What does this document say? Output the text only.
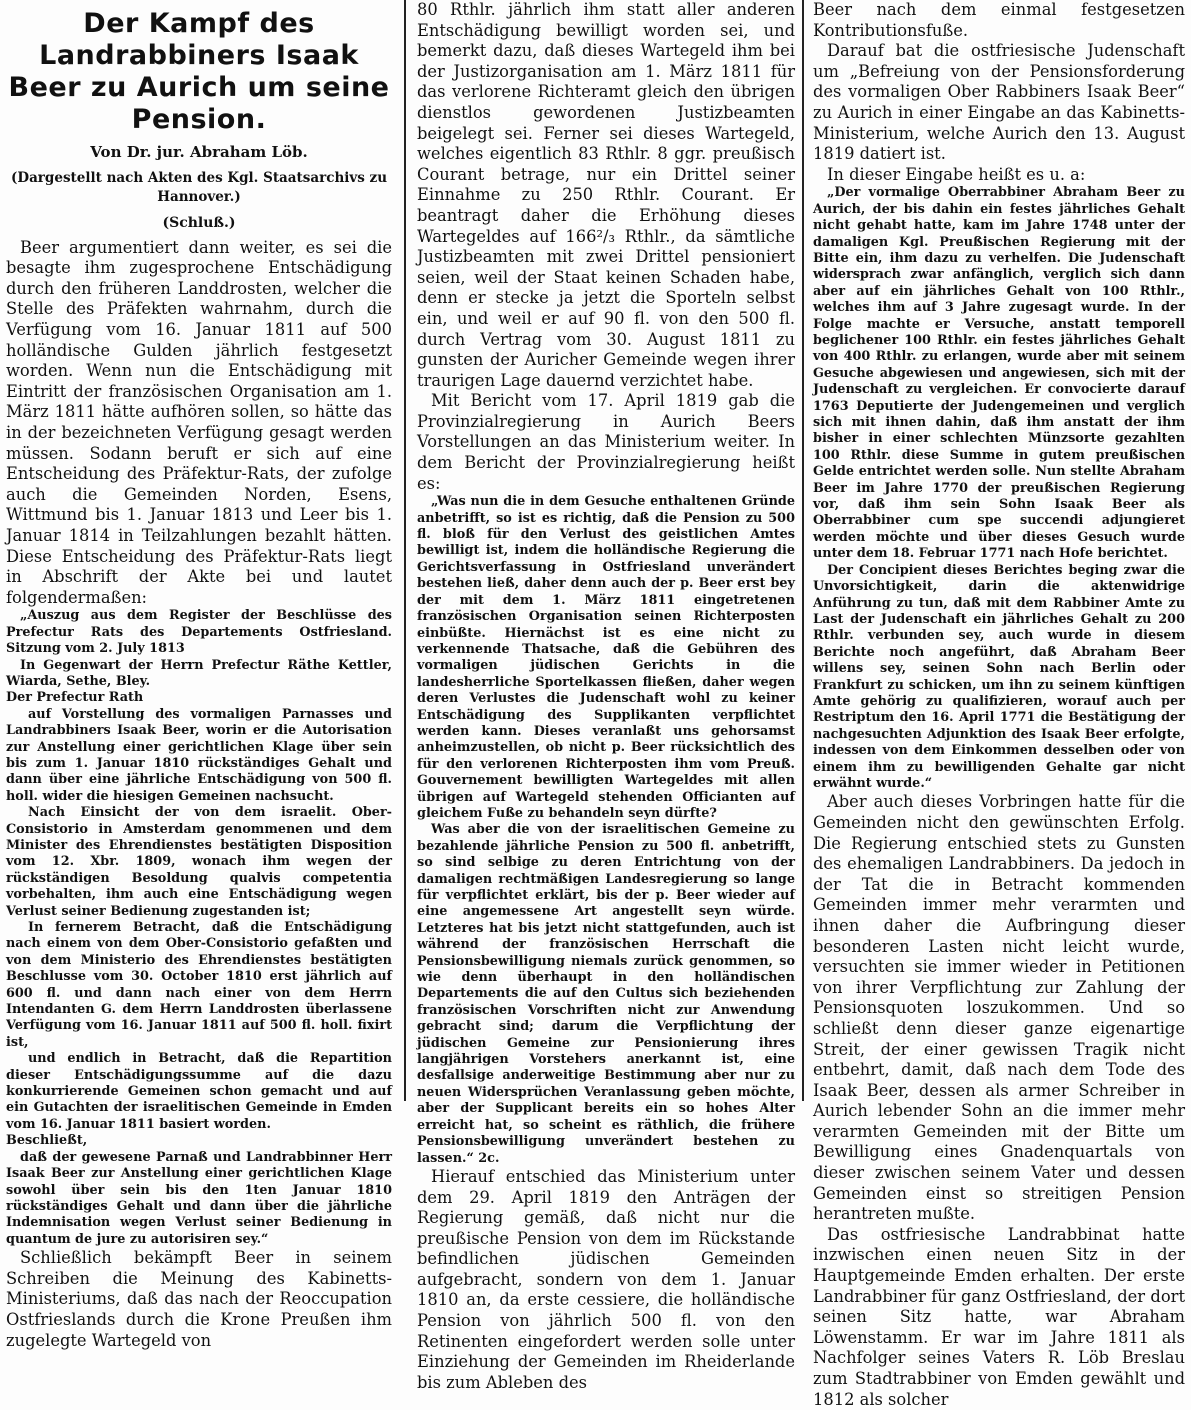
Der Kampf des Landrabbiners Isaak Beer zu Aurich um seine Pension.
Von Dr. jur. Abraham Löb.
(Dargestellt nach Akten des Kgl. Staatsarchivs zu Hannover.)
(Schluß.)

Beer argumentiert dann weiter, es sei die besagte ihm zugesprochene Entschädigung durch den früheren Landdrosten, welcher die Stelle des Präfekten wahrnahm, durch die Verfügung vom 16. Januar 1811 auf 500 holländische Gulden jährlich festgesetzt worden. Wenn nun die Entschädigung mit Eintritt der französischen Organisation am 1. März 1811 hätte aufhören sollen, so hätte das in der bezeichneten Verfügung gesagt werden müssen. Sodann beruft er sich auf eine Entscheidung des Präfektur-Rats, der zufolge auch die Gemeinden Norden, Esens, Wittmund bis 1. Januar 1813 und Leer bis 1. Januar 1814 in Teilzahlungen bezahlt hätten. Diese Entscheidung des Präfektur-Rats liegt in Abschrift der Akte bei und lautet folgendermaßen:

„Auszug aus dem Register der Beschlüsse des Prefectur Rats des Departements Ostfriesland. Sitzung vom 2. July 1813

In Gegenwart der Herrn Prefectur Räthe Kettler, Wiarda, Sethe, Bley.

Der Prefectur Rath

auf Vorstellung des vormaligen Parnasses und Landrabbiners Isaak Beer, worin er die Autorisation zur Anstellung einer gerichtlichen Klage über sein bis zum 1. Januar 1810 rückständiges Gehalt und dann über eine jährliche Entschädigung von 500 fl. holl. wider die hiesigen Gemeinen nachsucht.

Nach Einsicht der von dem israelit. Ober-Consistorio in Amsterdam genommenen und dem Minister des Ehrendienstes bestätigten Disposition vom 12. Xbr. 1809, wonach ihm wegen der rückständigen Besoldung qualvis competentia vorbehalten, ihm auch eine Entschädigung wegen Verlust seiner Bedienung zugestanden ist;

In fernerem Betracht, daß die Entschädigung nach einem von dem Ober-Consistorio gefaßten und von dem Ministerio des Ehrendienstes bestätigten Beschlusse vom 30. October 1810 erst jährlich auf 600 fl. und dann nach einer von dem Herrn Intendanten G. dem Herrn Landdrosten überlassene Verfügung vom 16. Januar 1811 auf 500 fl. holl. fixirt ist,

und endlich in Betracht, daß die Repartition dieser Entschädigungssumme auf die dazu konkurrierende Gemeinen schon gemacht und auf ein Gutachten der israelitischen Gemeinde in Emden vom 16. Januar 1811 basiert worden.

Beschließt,

daß der gewesene Parnaß und Landrabbinner Herr Isaak Beer zur Anstellung einer gerichtlichen Klage sowohl über sein bis den 1ten Januar 1810 rückständiges Gehalt und dann über die jährliche Indemnisation wegen Verlust seiner Bedienung in quantum de jure zu autorisiren sey.“

Schließlich bekämpft Beer in seinem Schreiben die Meinung des Kabinetts-Ministeriums, daß das nach der Reoccupation Ostfrieslands durch die Krone Preußen ihm zugelegte Wartegeld von

80 Rthlr. jährlich ihm statt aller anderen Entschädigung bewilligt worden sei, und bemerkt dazu, daß dieses Wartegeld ihm bei der Justizorganisation am 1. März 1811 für das verlorene Richteramt gleich den übrigen dienstlos gewordenen Justizbeamten beigelegt sei. Ferner sei dieses Wartegeld, welches eigentlich 83 Rthlr. 8 ggr. preußisch Courant betrage, nur ein Drittel seiner Einnahme zu 250 Rthlr. Courant. Er beantragt daher die Erhöhung dieses Wartegeldes auf 166²/₃ Rthlr., da sämtliche Justizbeamten mit zwei Drittel pensioniert seien, weil der Staat keinen Schaden habe, denn er stecke ja jetzt die Sporteln selbst ein, und weil er auf 90 fl. von den 500 fl. durch Vertrag vom 30. August 1811 zu gunsten der Auricher Gemeinde wegen ihrer traurigen Lage dauernd verzichtet habe.

Mit Bericht vom 17. April 1819 gab die Provinzialregierung in Aurich Beers Vorstellungen an das Ministerium weiter. In dem Bericht der Provinzialregierung heißt es:

„Was nun die in dem Gesuche enthaltenen Gründe anbetrifft, so ist es richtig, daß die Pension zu 500 fl. bloß für den Verlust des geistlichen Amtes bewilligt ist, indem die holländische Regierung die Gerichtsverfassung in Ostfriesland unverändert bestehen ließ, daher denn auch der p. Beer erst bey der mit dem 1. März 1811 eingetretenen französischen Organisation seinen Richterposten einbüßte. Hiernächst ist es eine nicht zu verkennende Thatsache, daß die Gebühren des vormaligen jüdischen Gerichts in die landesherrliche Sportelkassen fließen, daher wegen deren Verlustes die Judenschaft wohl zu keiner Entschädigung des Supplikanten verpflichtet werden kann. Dieses veranlaßt uns gehorsamst anheimzustellen, ob nicht p. Beer rücksichtlich des für den verlorenen Richterposten ihm vom Preuß. Gouvernement bewilligten Wartegeldes mit allen übrigen auf Wartegeld stehenden Officianten auf gleichem Fuße zu behandeln seyn dürfte?

Was aber die von der israelitischen Gemeine zu bezahlende jährliche Pension zu 500 fl. anbetrifft, so sind selbige zu deren Entrichtung von der damaligen rechtmäßigen Landesregierung so lange für verpflichtet erklärt, bis der p. Beer wieder auf eine angemessene Art angestellt seyn würde. Letzteres hat bis jetzt nicht stattgefunden, auch ist während der französischen Herrschaft die Pensionsbewilligung niemals zurück genommen, so wie denn überhaupt in den holländischen Departements die auf den Cultus sich beziehenden französischen Vorschriften nicht zur Anwendung gebracht sind; darum die Verpflichtung der jüdischen Gemeine zur Pensionierung ihres langjährigen Vorstehers anerkannt ist, eine desfallsige anderweitige Bestimmung aber nur zu neuen Widersprüchen Veranlassung geben möchte, aber der Supplicant bereits ein so hohes Alter erreicht hat, so scheint es räthlich, die frühere Pensionsbewilligung unverändert bestehen zu lassen.“ 2c.

Hierauf entschied das Ministerium unter dem 29. April 1819 den Anträgen der Regierung gemäß, daß nicht nur die preußische Pension von dem im Rückstande befindlichen jüdischen Gemeinden aufgebracht, sondern von dem 1. Januar 1810 an, da erste cessiere, die holländische Pension von jährlich 500 fl. von den Retinenten eingefordert werden solle unter Einziehung der Gemeinden im Rheiderlande bis zum Ableben des

Beer nach dem einmal festgesetzen Kontributionsfuße.

Darauf bat die ostfriesische Judenschaft um „Befreiung von der Pensionsforderung des vormaligen Ober Rabbiners Isaak Beer“ zu Aurich in einer Eingabe an das Kabinetts-Ministerium, welche Aurich den 13. August 1819 datiert ist.

In dieser Eingabe heißt es u. a:

„Der vormalige Oberrabbiner Abraham Beer zu Aurich, der bis dahin ein festes jährliches Gehalt nicht gehabt hatte, kam im Jahre 1748 unter der damaligen Kgl. Preußischen Regierung mit der Bitte ein, ihm dazu zu verhelfen. Die Judenschaft widersprach zwar anfänglich, verglich sich dann aber auf ein jährliches Gehalt von 100 Rthlr., welches ihm auf 3 Jahre zugesagt wurde. In der Folge machte er Versuche, anstatt temporell beglichener 100 Rthlr. ein festes jährliches Gehalt von 400 Rthlr. zu erlangen, wurde aber mit seinem Gesuche abgewiesen und angewiesen, sich mit der Judenschaft zu vergleichen. Er convocierte darauf 1763 Deputierte der Judengemeinen und verglich sich mit ihnen dahin, daß ihm anstatt der ihm bisher in einer schlechten Münzsorte gezahlten 100 Rthlr. diese Summe in gutem preußischen Gelde entrichtet werden solle. Nun stellte Abraham Beer im Jahre 1770 der preußischen Regierung vor, daß ihm sein Sohn Isaak Beer als Oberrabbiner cum spe succendi adjungieret werden möchte und über dieses Gesuch wurde unter dem 18. Februar 1771 nach Hofe berichtet.

Der Concipient dieses Berichtes beging zwar die Unvorsichtigkeit, darin die aktenwidrige Anführung zu tun, daß mit dem Rabbiner Amte zu Last der Judenschaft ein jährliches Gehalt zu 200 Rthlr. verbunden sey, auch wurde in diesem Berichte noch angeführt, daß Abraham Beer willens sey, seinen Sohn nach Berlin oder Frankfurt zu schicken, um ihn zu seinem künftigen Amte gehörig zu qualifizieren, worauf auch per Restriptum den 16. April 1771 die Bestätigung der nachgesuchten Adjunktion des Isaak Beer erfolgte, indessen von dem Einkommen desselben oder von einem ihm zu bewilligenden Gehalte gar nicht erwähnt wurde.“

Aber auch dieses Vorbringen hatte für die Gemeinden nicht den gewünschten Erfolg. Die Regierung entschied stets zu Gunsten des ehemaligen Landrabbiners. Da jedoch in der Tat die in Betracht kommenden Gemeinden immer mehr verarmten und ihnen daher die Aufbringung dieser besonderen Lasten nicht leicht wurde, versuchten sie immer wieder in Petitionen von ihrer Verpflichtung zur Zahlung der Pensionsquoten loszukommen. Und so schließt denn dieser ganze eigenartige Streit, der einer gewissen Tragik nicht entbehrt, damit, daß nach dem Tode des Isaak Beer, dessen als armer Schreiber in Aurich lebender Sohn an die immer mehr verarmten Gemeinden mit der Bitte um Bewilligung eines Gnadenquartals von dieser zwischen seinem Vater und dessen Gemeinden einst so streitigen Pension herantreten mußte.

Das ostfriesische Landrabbinat hatte inzwischen einen neuen Sitz in der Hauptgemeinde Emden erhalten. Der erste Landrabbiner für ganz Ostfriesland, der dort seinen Sitz hatte, war Abraham Löwenstamm. Er war im Jahre 1811 als Nachfolger seines Vaters R. Löb Breslau zum Stadtrabbiner von Emden gewählt und 1812 als solcher
